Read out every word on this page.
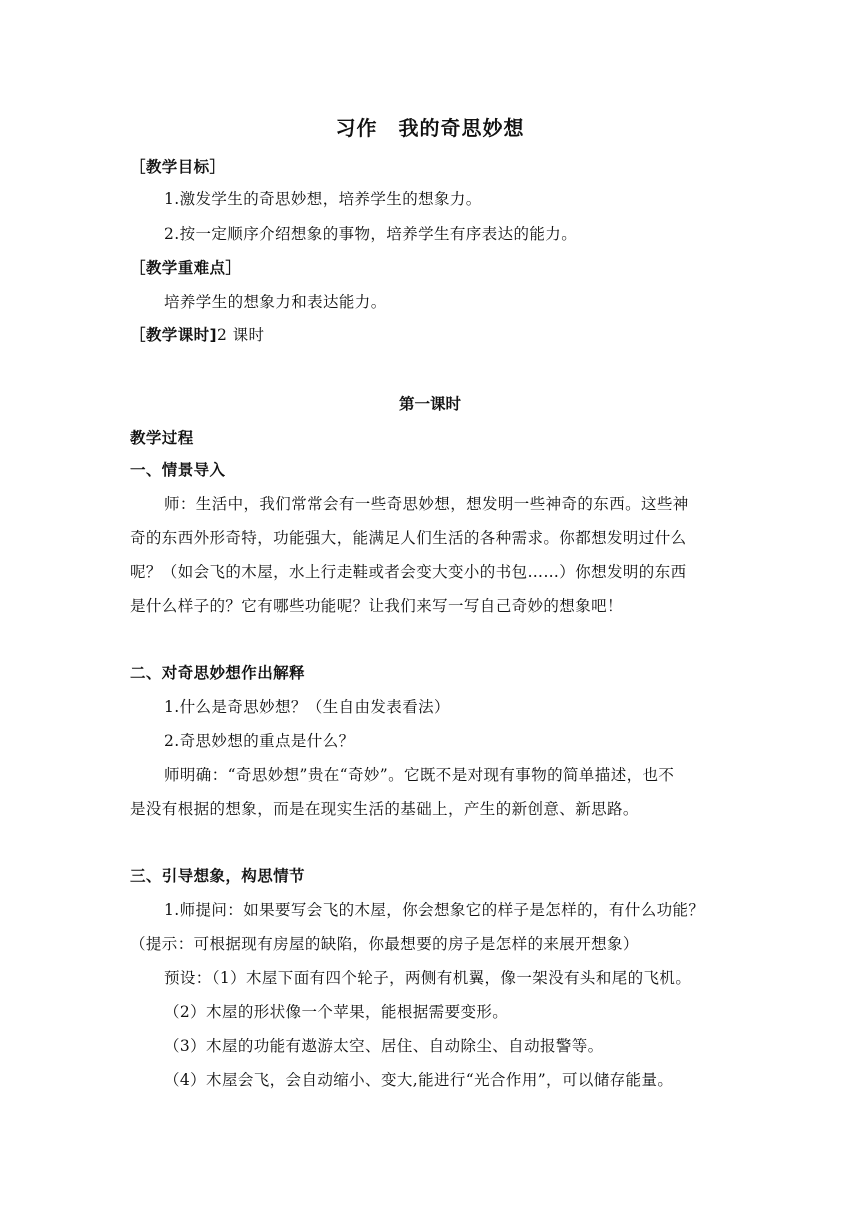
习作　我的奇思妙想
［教学目标］
1.激发学生的奇思妙想，培养学生的想象力。
2.按一定顺序介绍想象的事物，培养学生有序表达的能力。
［教学重难点］
培养学生的想象力和表达能力。
［教学课时]2 课时
第一课时
教学过程
一、情景导入
师：生活中，我们常常会有一些奇思妙想，想发明一些神奇的东西。这些神
奇的东西外形奇特，功能强大，能满足人们生活的各种需求。你都想发明过什么
呢？（如会飞的木屋，水上行走鞋或者会变大变小的书包……）你想发明的东西
是什么样子的？它有哪些功能呢？让我们来写一写自己奇妙的想象吧！
二、对奇思妙想作出解释
1.什么是奇思妙想？（生自由发表看法）
2.奇思妙想的重点是什么？
师明确：“奇思妙想”贵在“奇妙”。它既不是对现有事物的简单描述，也不
是没有根据的想象，而是在现实生活的基础上，产生的新创意、新思路。
三、引导想象，构思情节
1.师提问：如果要写会飞的木屋，你会想象它的样子是怎样的，有什么功能？
（提示：可根据现有房屋的缺陷，你最想要的房子是怎样的来展开想象）
预设：（1）木屋下面有四个轮子，两侧有机翼，像一架没有头和尾的飞机。
（2）木屋的形状像一个苹果，能根据需要变形。
（3）木屋的功能有遨游太空、居住、自动除尘、自动报警等。
（4）木屋会飞，会自动缩小、变大,能进行“光合作用”，可以储存能量。
